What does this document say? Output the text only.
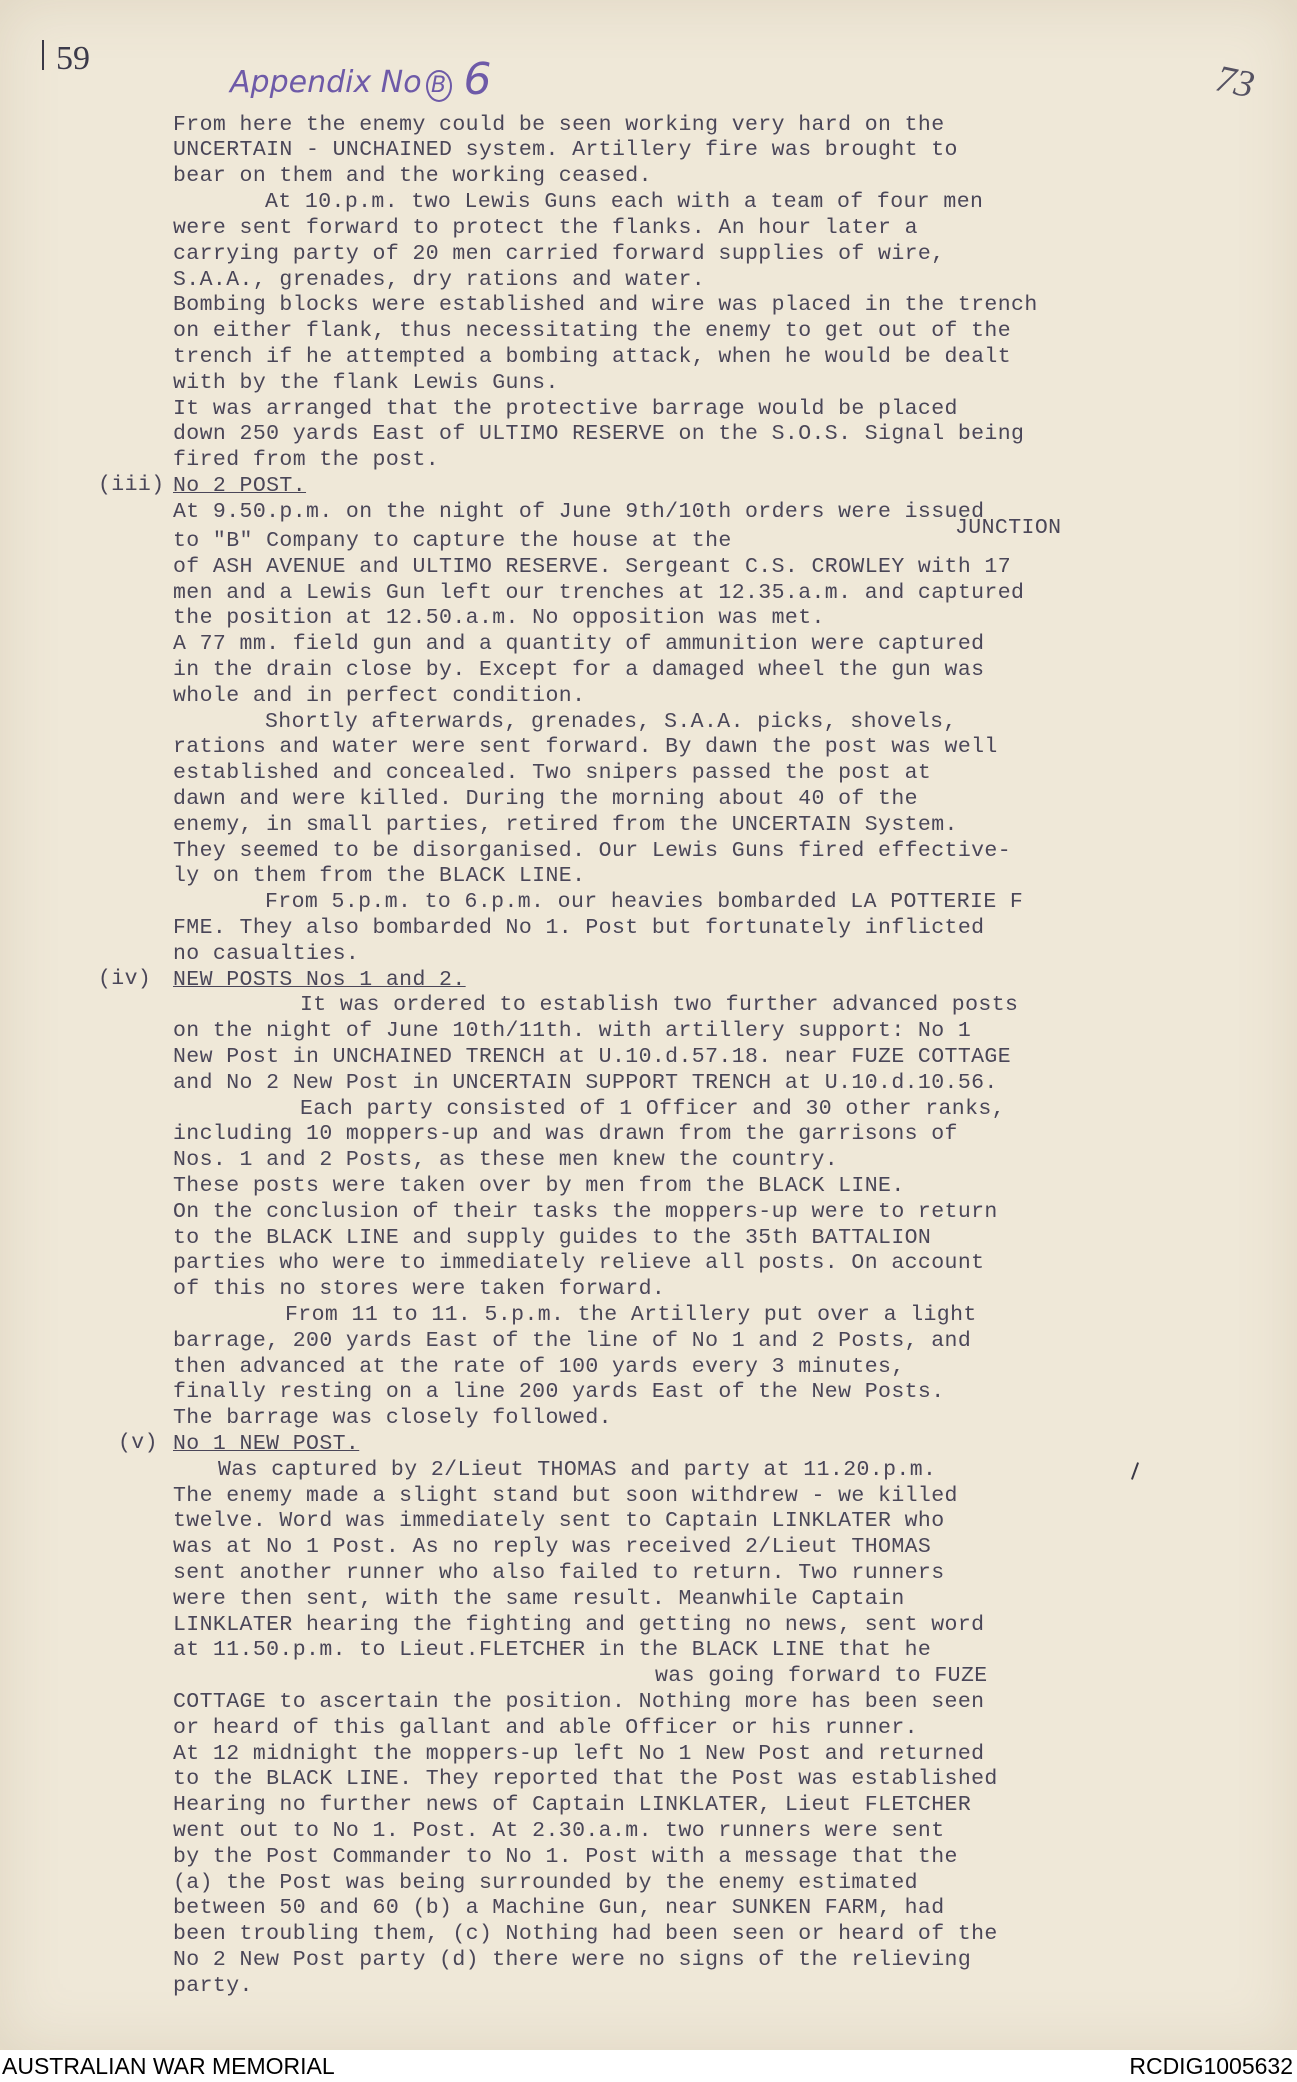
59
Appendix No B 6	73
From here the enemy could be seen working very hard on the
UNCERTAIN - UNCHAINED system. Artillery fire was brought to
bear on them and the working ceased.
At 10.p.m. two Lewis Guns each with a team of four men
were sent forward to protect the flanks. An hour later a
carrying party of 20 men carried forward supplies of wire,
S.A.A., grenades, dry rations and water.
Bombing blocks were established and wire was placed in the trench
on either flank, thus necessitating the enemy to get out of the
trench if he attempted a bombing attack, when he would be dealt
with by the flank Lewis Guns.
It was arranged that the protective barrage would be placed
down 250 yards East of ULTIMO RESERVE on the S.O.S. Signal being
fired from the post.
(iii) No 2 POST.
At 9.50.p.m. on the night of June 9th/10th orders were issued
JUNCTION
to "B" Company to capture the house at the
of ASH AVENUE and ULTIMO RESERVE. Sergeant C.S. CROWLEY with 17
men and a Lewis Gun left our trenches at 12.35.a.m. and captured
the position at 12.50.a.m. No opposition was met.
A 77 mm. field gun and a quantity of ammunition were captured
in the drain close by. Except for a damaged wheel the gun was
whole and in perfect condition.
Shortly afterwards, grenades, S.A.A. picks, shovels,
rations and water were sent forward. By dawn the post was well
established and concealed. Two snipers passed the post at
dawn and were killed. During the morning about 40 of the
enemy, in small parties, retired from the UNCERTAIN System.
They seemed to be disorganised. Our Lewis Guns fired effective-
ly on them from the BLACK LINE.
From 5.p.m. to 6.p.m. our heavies bombarded LA POTTERIE F
FME. They also bombarded No 1. Post but fortunately inflicted
no casualties.
(iv) NEW POSTS Nos 1 and 2.
It was ordered to establish two further advanced posts
on the night of June 10th/11th. with artillery support: No 1
New Post in UNCHAINED TRENCH at U.10.d.57.18. near FUZE COTTAGE
and No 2 New Post in UNCERTAIN SUPPORT TRENCH at U.10.d.10.56.
Each party consisted of 1 Officer and 30 other ranks,
including 10 moppers-up and was drawn from the garrisons of
Nos. 1 and 2 Posts, as these men knew the country.
These posts were taken over by men from the BLACK LINE.
On the conclusion of their tasks the moppers-up were to return
to the BLACK LINE and supply guides to the 35th BATTALION
parties who were to immediately relieve all posts. On account
of this no stores were taken forward.
From 11 to 11. 5.p.m. the Artillery put over a light
barrage, 200 yards East of the line of No 1 and 2 Posts, and
then advanced at the rate of 100 yards every 3 minutes,
finally resting on a line 200 yards East of the New Posts.
The barrage was closely followed.
(v) No 1 NEW POST.
Was captured by 2/Lieut THOMAS and party at 11.20.p.m.
The enemy made a slight stand but soon withdrew - we killed
twelve. Word was immediately sent to Captain LINKLATER who
was at No 1 Post. As no reply was received 2/Lieut THOMAS
sent another runner who also failed to return. Two runners
were then sent, with the same result. Meanwhile Captain
LINKLATER hearing the fighting and getting no news, sent word
at 11.50.p.m. to Lieut.FLETCHER in the BLACK LINE that he
was going forward to FUZE
COTTAGE to ascertain the position. Nothing more has been seen
or heard of this gallant and able Officer or his runner.
At 12 midnight the moppers-up left No 1 New Post and returned
to the BLACK LINE. They reported that the Post was established
Hearing no further news of Captain LINKLATER, Lieut FLETCHER
went out to No 1. Post. At 2.30.a.m. two runners were sent
by the Post Commander to No 1. Post with a message that the
(a) the Post was being surrounded by the enemy estimated
between 50 and 60 (b) a Machine Gun, near SUNKEN FARM, had
been troubling them, (c) Nothing had been seen or heard of the
No 2 New Post party (d) there were no signs of the relieving
party.
AUSTRALIAN WAR MEMORIAL	RCDIG1005632
